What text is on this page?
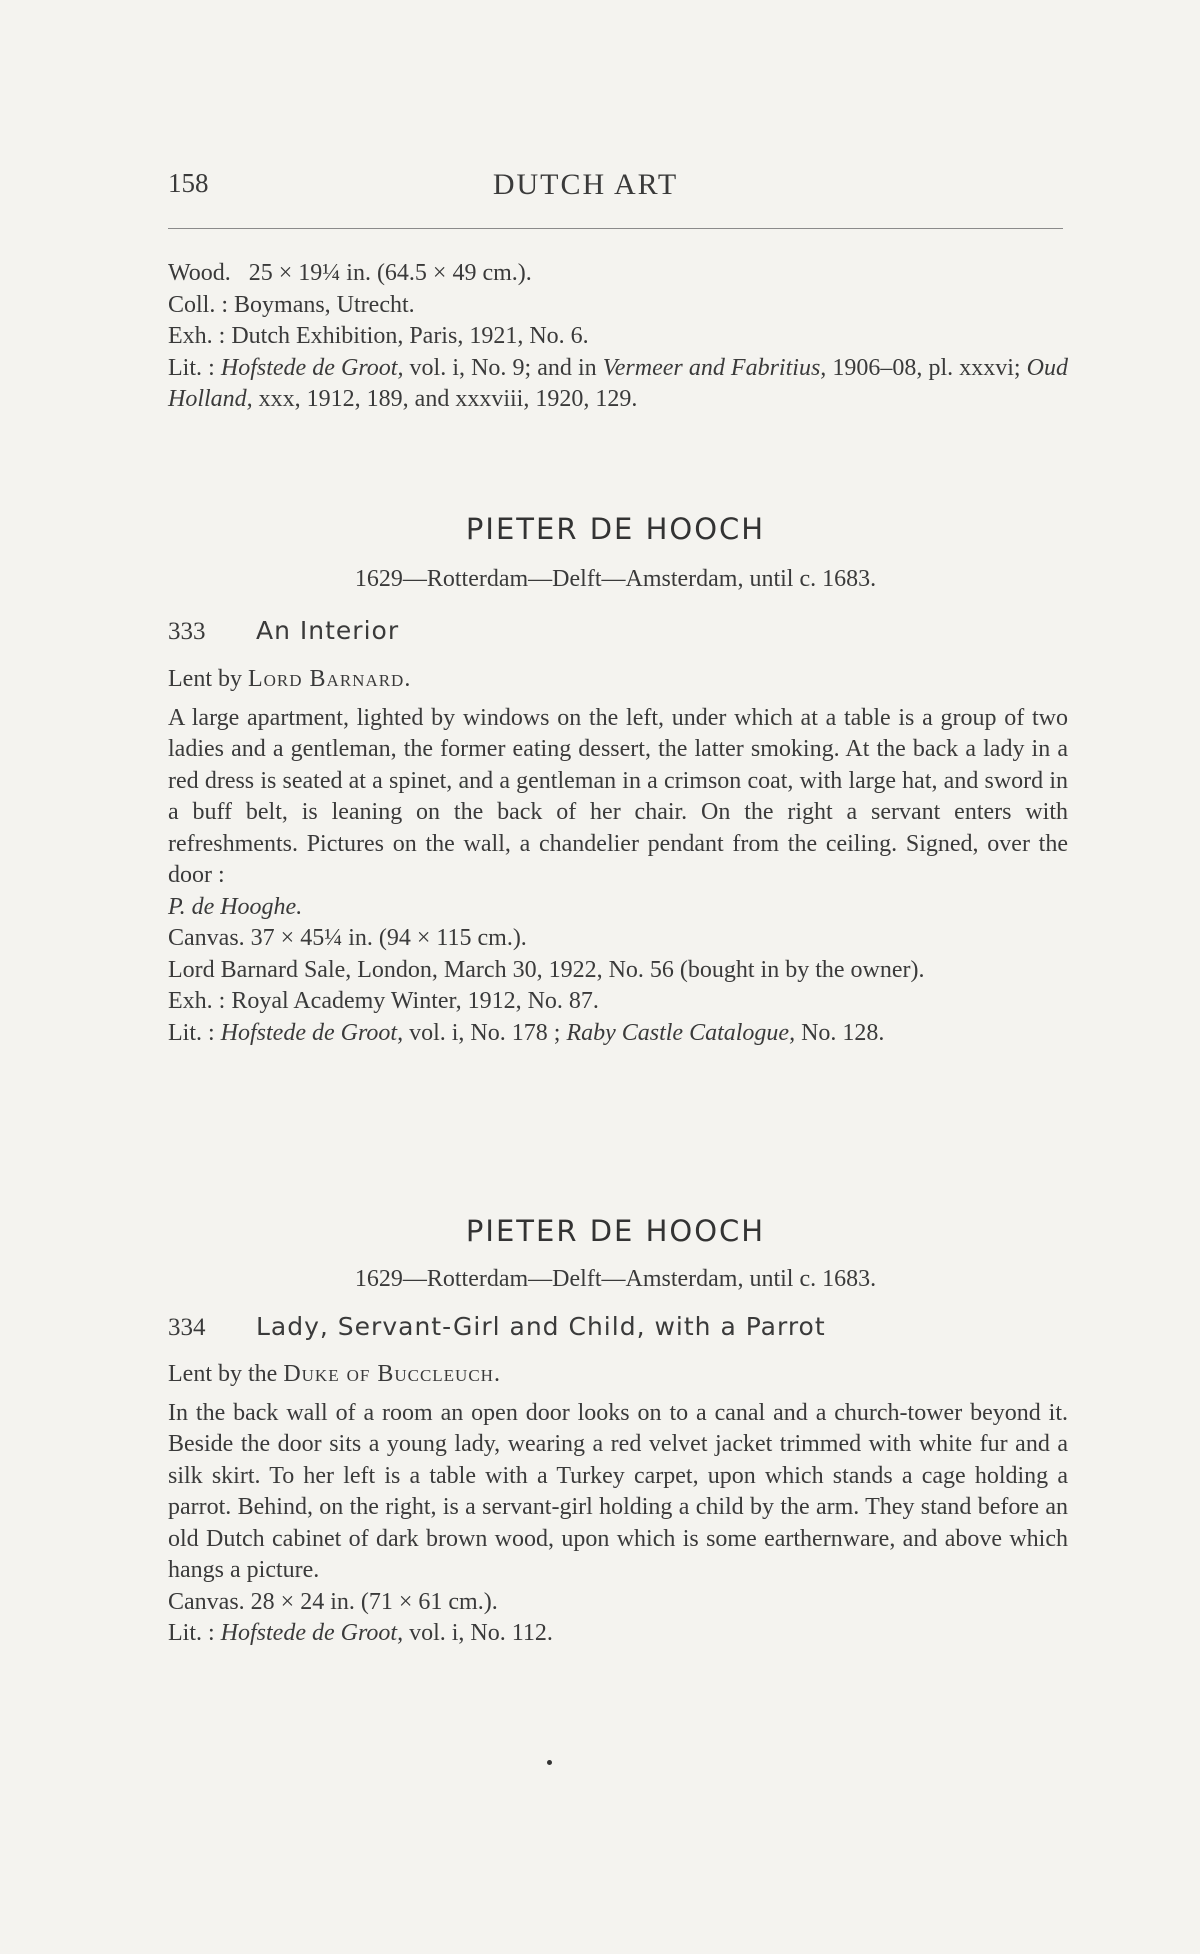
158	DUTCH ART

Wood. 25 × 19¼ in. (64.5 × 49 cm.).

Coll. : Boymans, Utrecht.

Exh. : Dutch Exhibition, Paris, 1921, No. 6.

Lit. : Hofstede de Groot, vol. i, No. 9; and in Vermeer and Fabritius, 1906–08, pl. xxxvi; Oud Holland, xxx, 1912, 189, and xxxviii, 1920, 129.

PIETER DE HOOCH
1629—Rotterdam—Delft—Amsterdam, until c. 1683.
333 An Interior

Lent by Lord Barnard.

A large apartment, lighted by windows on the left, under which at a table is a group of two ladies and a gentleman, the former eating dessert, the latter smoking. At the back a lady in a red dress is seated at a spinet, and a gentleman in a crimson coat, with large hat, and sword in a buff belt, is leaning on the back of her chair. On the right a servant enters with refreshments. Pictures on the wall, a chandelier pendant from the ceiling. Signed, over the door :

P. de Hooghe.

Canvas. 37 × 45¼ in. (94 × 115 cm.).

Lord Barnard Sale, London, March 30, 1922, No. 56 (bought in by the owner).

Exh. : Royal Academy Winter, 1912, No. 87.

Lit. : Hofstede de Groot, vol. i, No. 178 ; Raby Castle Catalogue, No. 128.

PIETER DE HOOCH
1629—Rotterdam—Delft—Amsterdam, until c. 1683.
334 Lady, Servant-Girl and Child, with a Parrot

Lent by the Duke of Buccleuch.

In the back wall of a room an open door looks on to a canal and a church-tower beyond it. Beside the door sits a young lady, wearing a red velvet jacket trimmed with white fur and a silk skirt. To her left is a table with a Turkey carpet, upon which stands a cage holding a parrot. Behind, on the right, is a servant-girl holding a child by the arm. They stand before an old Dutch cabinet of dark brown wood, upon which is some earthernware, and above which hangs a picture.

Canvas. 28 × 24 in. (71 × 61 cm.).

Lit. : Hofstede de Groot, vol. i, No. 112.
